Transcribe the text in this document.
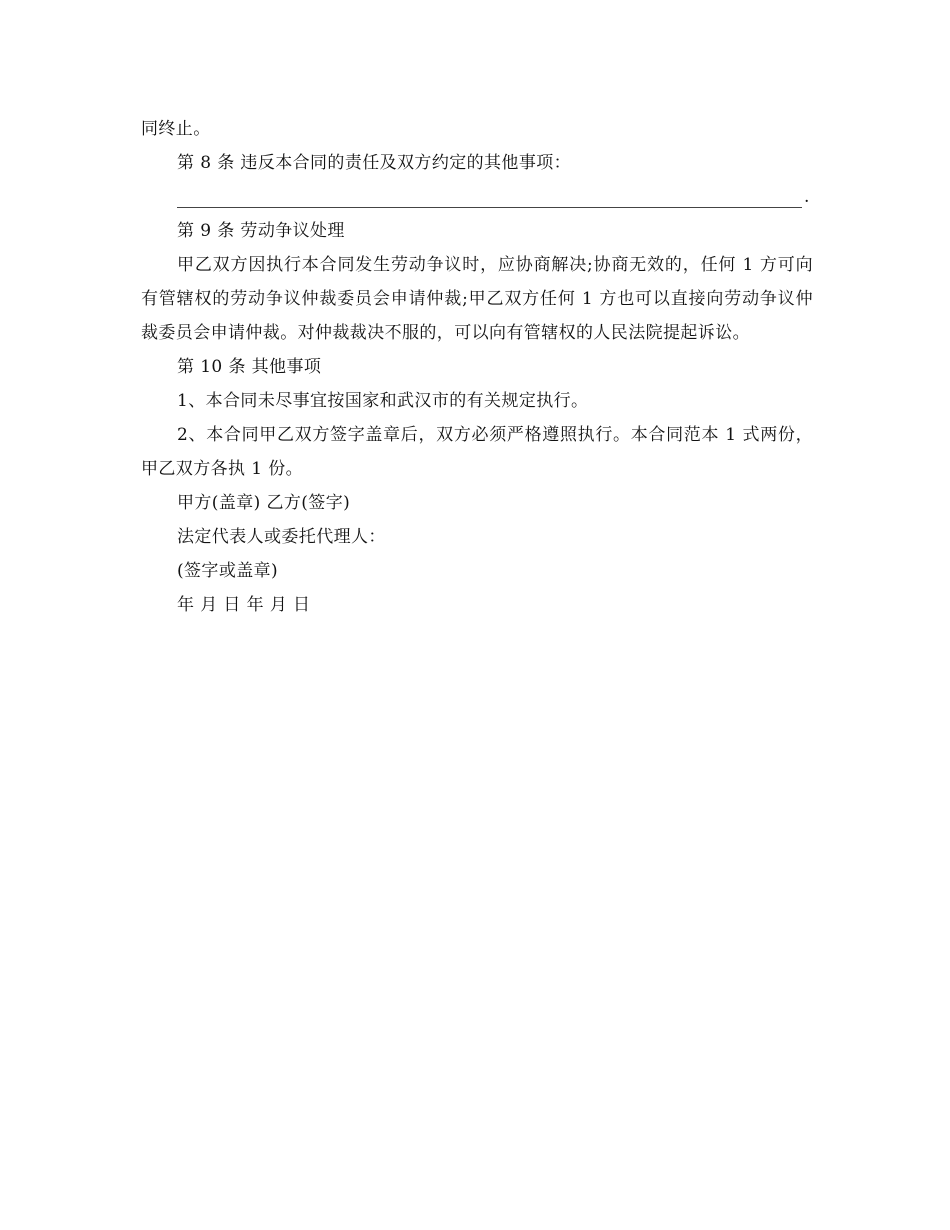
同终止。

第 8 条 违反本合同的责任及双方约定的其他事项：

.

第 9 条 劳动争议处理

甲乙双方因执行本合同发生劳动争议时，应协商解决;协商无效的，任何 1 方可向有管辖权的劳动争议仲裁委员会申请仲裁;甲乙双方任何 1 方也可以直接向劳动争议仲裁委员会申请仲裁。对仲裁裁决不服的，可以向有管辖权的人民法院提起诉讼。

第 10 条 其他事项

1、本合同未尽事宜按国家和武汉市的有关规定执行。

2、本合同甲乙双方签字盖章后，双方必须严格遵照执行。本合同范本 1 式两份，甲乙双方各执 1 份。

甲方(盖章) 乙方(签字)

法定代表人或委托代理人：

(签字或盖章)

年 月 日 年 月 日
